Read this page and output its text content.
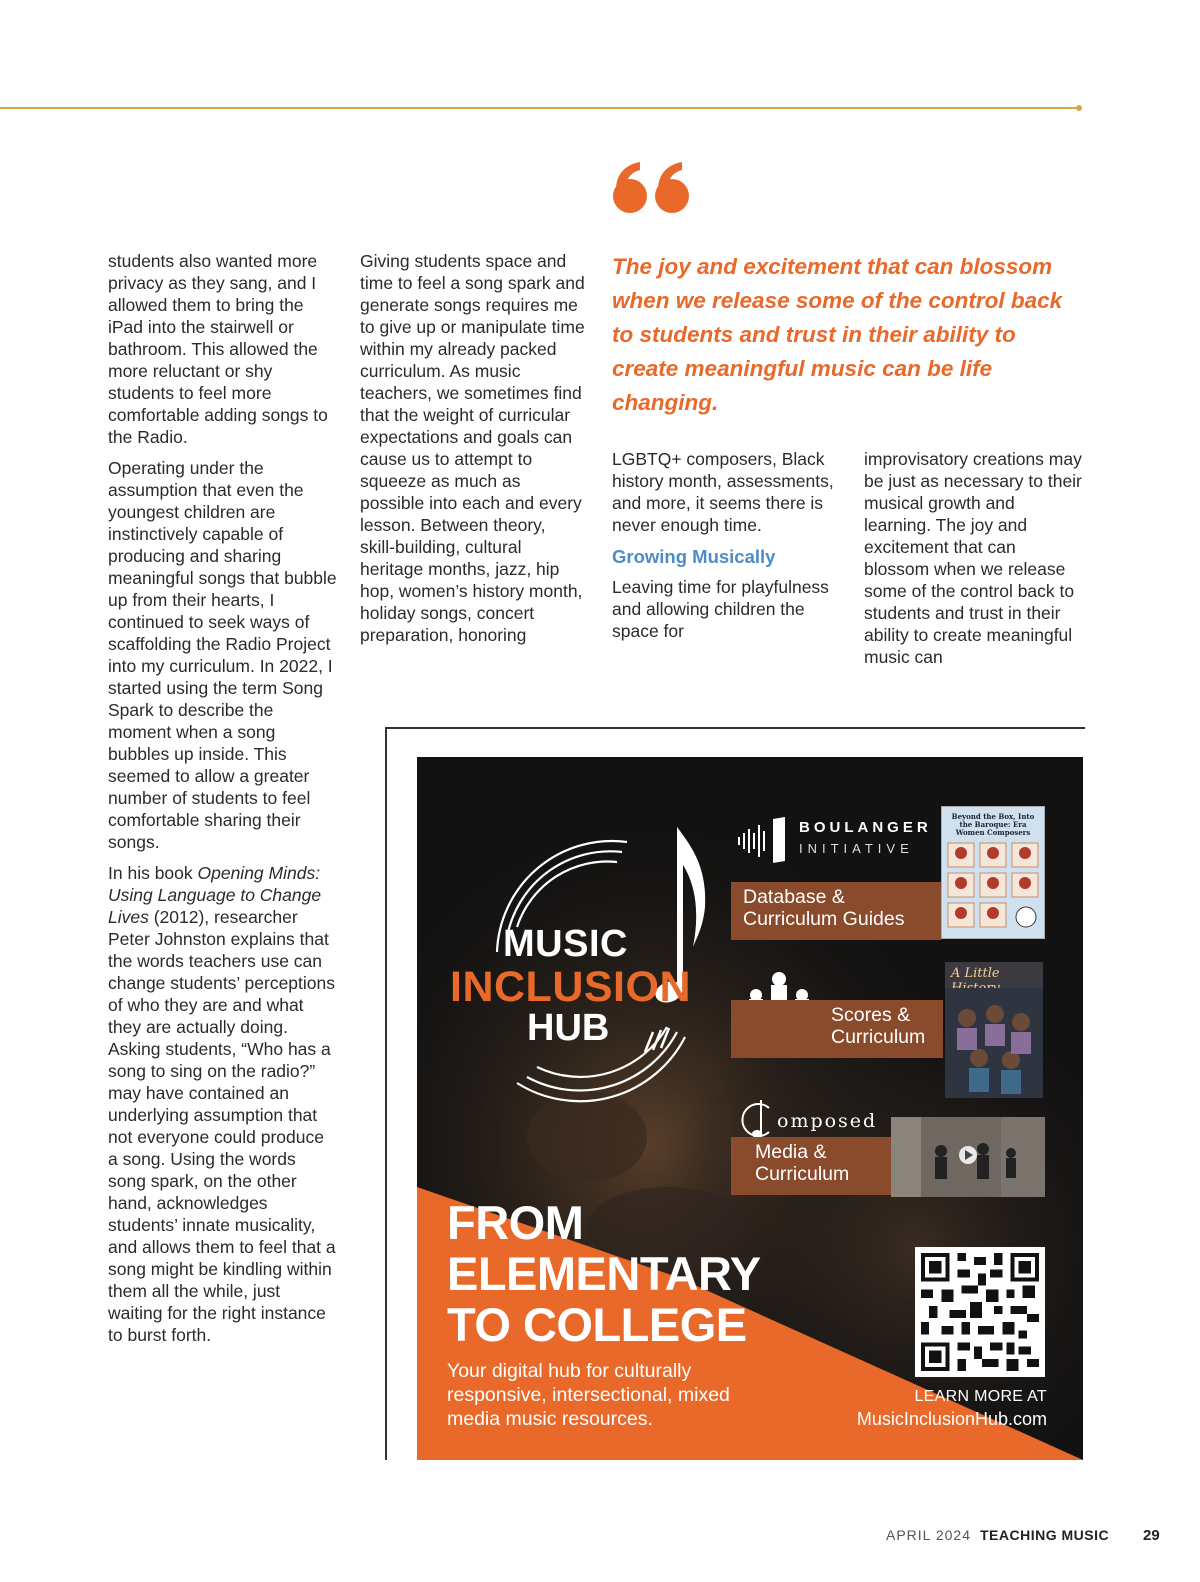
students also wanted more privacy as they sang, and I allowed them to bring the iPad into the stairwell or bathroom. This allowed the more reluctant or shy students to feel more comfortable adding songs to the Radio.

Operating under the assumption that even the youngest children are instinctively capable of producing and sharing meaningful songs that bubble up from their hearts, I continued to seek ways of scaffolding the Radio Project into my curriculum. In 2022, I started using the term Song Spark to describe the moment when a song bubbles up inside. This seemed to allow a greater number of students to feel comfortable sharing their songs.

In his book Opening Minds: Using Language to Change Lives (2012), researcher Peter Johnston explains that the words teachers use can change students’ perceptions of who they are and what they are actually doing. Asking students, “Who has a song to sing on the radio?” may have contained an underlying assumption that not everyone could produce a song. Using the words song spark, on the other hand, acknowledges students’ innate musicality, and allows them to feel that a song might be kindling within them all the while, just waiting for the right instance to burst forth.

Giving students space and time to feel a song spark and generate songs requires me to give up or manipulate time within my already packed curriculum. As music teachers, we sometimes find that the weight of curricular expectations and goals can cause us to attempt to squeeze as much as possible into each and every lesson. Between theory, skill-building, cultural heritage months, jazz, hip hop, women’s history month, holiday songs, concert preparation, honoring

The joy and excitement that can blossom when we release some of the control back to students and trust in their ability to create meaningful music can be life changing.

LGBTQ+ composers, Black history month, assessments, and more, it seems there is never enough time.

Growing Musically

Leaving time for playfulness and allowing children the space for

improvisatory creations may be just as necessary to their musical growth and learning. The joy and excitement that can blossom when we release some of the control back to students and trust in their ability to create meaningful music can

MUSIC
INCLUSION
HUB
BOULANGER
INITIATIVE
Database &
Curriculum Guides
Beyond the Box, Into the Baroque: Era Women Composers
Scores &
Curriculum
A Little
omposed
Media &
Curriculum
FROM
ELEMENTARY
TO COLLEGE
Your digital hub for culturally responsive, intersectional, mixed media music resources.
LEARN MORE AT
MusicInclusionHub.com
APRIL 2024 TEACHING MUSIC 29
